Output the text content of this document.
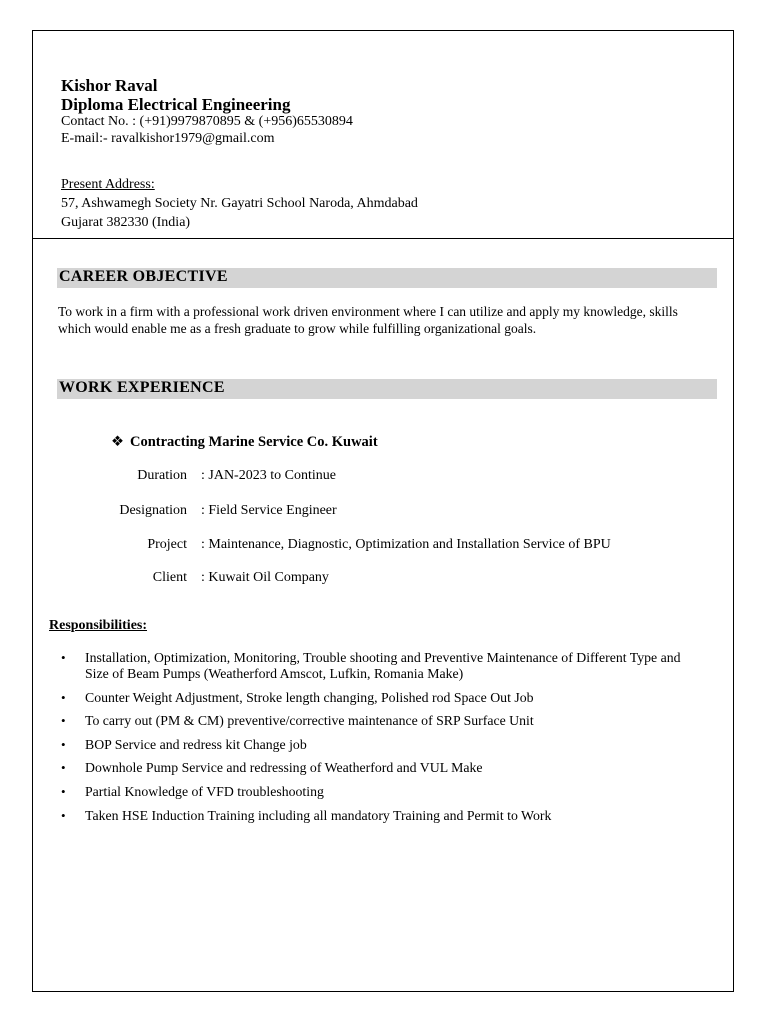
Kishor Raval
Diploma Electrical Engineering
Contact No. : (+91)9979870895 & (+956)65530894
E-mail:- ravalkishor1979@gmail.com
Present Address:
57, Ashwamegh Society Nr. Gayatri School Naroda, Ahmdabad
Gujarat 382330 (India)
CAREER OBJECTIVE
To work in a firm with a professional work driven environment where I can utilize and apply my knowledge, skills which would enable me as a fresh graduate to grow while fulfilling organizational goals.
WORK EXPERIENCE
❖ Contracting Marine Service Co. Kuwait
Duration : JAN-2023 to Continue
Designation : Field Service Engineer
Project : Maintenance, Diagnostic, Optimization and Installation Service of BPU
Client : Kuwait Oil Company
Responsibilities:
• Installation, Optimization, Monitoring, Trouble shooting and Preventive Maintenance of Different Type and Size of Beam Pumps (Weatherford Amscot, Lufkin, Romania Make)
• Counter Weight Adjustment, Stroke length changing, Polished rod Space Out Job
• To carry out (PM & CM) preventive/corrective maintenance of SRP Surface Unit
• BOP Service and redress kit Change job
• Downhole Pump Service and redressing of Weatherford and VUL Make
• Partial Knowledge of VFD troubleshooting
• Taken HSE Induction Training including all mandatory Training and Permit to Work
